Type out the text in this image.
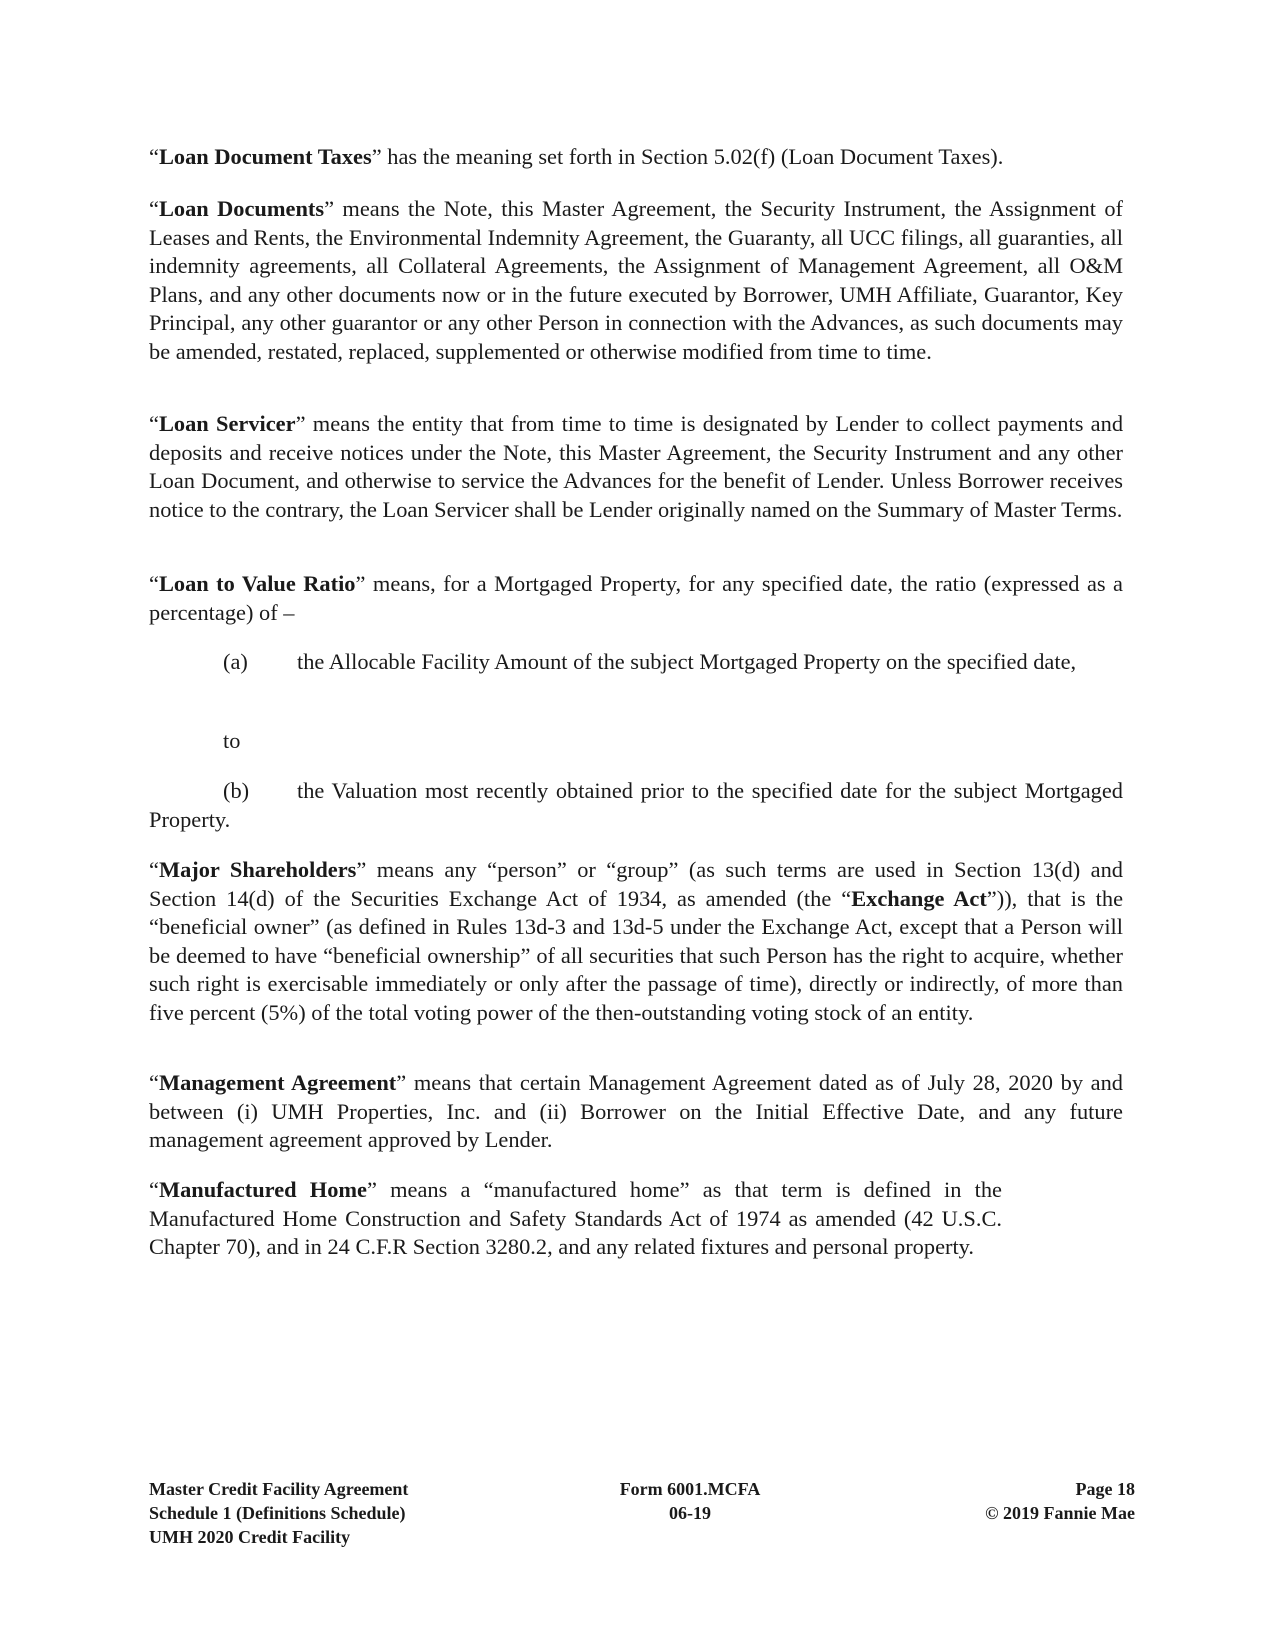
“Loan Document Taxes” has the meaning set forth in Section 5.02(f) (Loan Document Taxes).

“Loan Documents” means the Note, this Master Agreement, the Security Instrument, the Assignment of Leases and Rents, the Environmental Indemnity Agreement, the Guaranty, all UCC filings, all guaranties, all indemnity agreements, all Collateral Agreements, the Assignment of Management Agreement, all O&M Plans, and any other documents now or in the future executed by Borrower, UMH Affiliate, Guarantor, Key Principal, any other guarantor or any other Person in connection with the Advances, as such documents may be amended, restated, replaced, supplemented or otherwise modified from time to time.

“Loan Servicer” means the entity that from time to time is designated by Lender to collect payments and deposits and receive notices under the Note, this Master Agreement, the Security Instrument and any other Loan Document, and otherwise to service the Advances for the benefit of Lender. Unless Borrower receives notice to the contrary, the Loan Servicer shall be Lender originally named on the Summary of Master Terms.

“Loan to Value Ratio” means, for a Mortgaged Property, for any specified date, the ratio (expressed as a percentage) of –

(a) the Allocable Facility Amount of the subject Mortgaged Property on the specified date,

to

(b) the Valuation most recently obtained prior to the specified date for the subject Mortgaged Property.

“Major Shareholders” means any “person” or “group” (as such terms are used in Section 13(d) and Section 14(d) of the Securities Exchange Act of 1934, as amended (the “Exchange Act”)), that is the “beneficial owner” (as defined in Rules 13d-3 and 13d-5 under the Exchange Act, except that a Person will be deemed to have “beneficial ownership” of all securities that such Person has the right to acquire, whether such right is exercisable immediately or only after the passage of time), directly or indirectly, of more than five percent (5%) of the total voting power of the then-outstanding voting stock of an entity.

“Management Agreement” means that certain Management Agreement dated as of July 28, 2020 by and between (i) UMH Properties, Inc. and (ii) Borrower on the Initial Effective Date, and any future management agreement approved by Lender.

“Manufactured Home” means a “manufactured home” as that term is defined in the Manufactured Home Construction and Safety Standards Act of 1974 as amended (42 U.S.C. Chapter 70), and in 24 C.F.R Section 3280.2, and any related fixtures and personal property.

Master Credit Facility Agreement
Schedule 1 (Definitions Schedule)
UMH 2020 Credit Facility
Form 6001.MCFA
06-19
Page 18
© 2019 Fannie Mae
